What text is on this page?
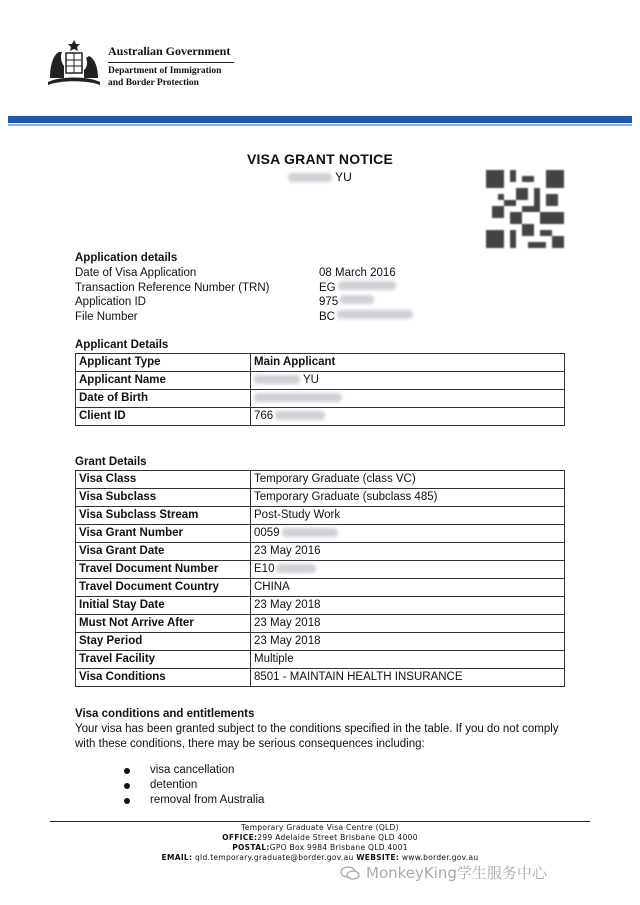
Australian Government
Department of Immigration
and Border Protection
VISA GRANT NOTICE
YU
Application details
Date of Visa Application	08 March 2016
Transaction Reference Number (TRN)	EG
Application ID	975
File Number	BC
Applicant Details
Applicant Type	Main Applicant
Applicant Name	YU
Date of Birth	
Client ID	766
Grant Details
Visa Class	Temporary Graduate (class VC)
Visa Subclass	Temporary Graduate (subclass 485)
Visa Subclass Stream	Post-Study Work
Visa Grant Number	0059
Visa Grant Date	23 May 2016
Travel Document Number	E10
Travel Document Country	CHINA
Initial Stay Date	23 May 2018
Must Not Arrive After	23 May 2018
Stay Period	23 May 2018
Travel Facility	Multiple
Visa Conditions	8501 - MAINTAIN HEALTH INSURANCE
Visa conditions and entitlements
Your visa has been granted subject to the conditions specified in the table. If you do not comply with these conditions, there may be serious consequences including:
visa cancellation
detention
removal from Australia
Temporary Graduate Visa Centre (QLD)
OFFICE:299 Adelaide Street Brisbane QLD 4000
POSTAL:GPO Box 9984 Brisbane QLD 4001
EMAIL: qld.temporary.graduate@border.gov.au WEBSITE: www.border.gov.au
MonkeyKing学生服务中心
